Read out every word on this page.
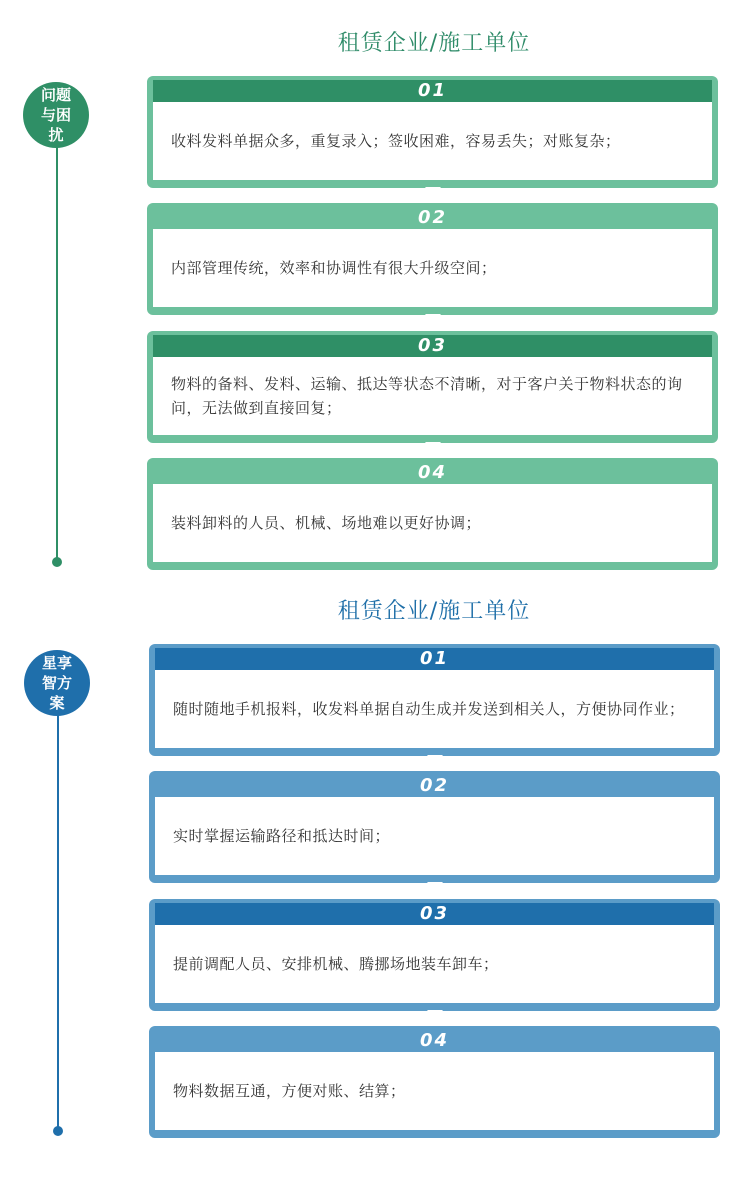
租赁企业/施工单位
问题与困扰
01
收料发料单据众多，重复录入；签收困难，容易丢失；对账复杂；
02
内部管理传统，效率和协调性有很大升级空间；
03
物料的备料、发料、运输、抵达等状态不清晰，对于客户关于物料状态的询问，无法做到直接回复；
04
装料卸料的人员、机械、场地难以更好协调；
租赁企业/施工单位
星享智方案
01
随时随地手机报料，收发料单据自动生成并发送到相关人，方便协同作业；
02
实时掌握运输路径和抵达时间；
03
提前调配人员、安排机械、腾挪场地装车卸车；
04
物料数据互通，方便对账、结算；
